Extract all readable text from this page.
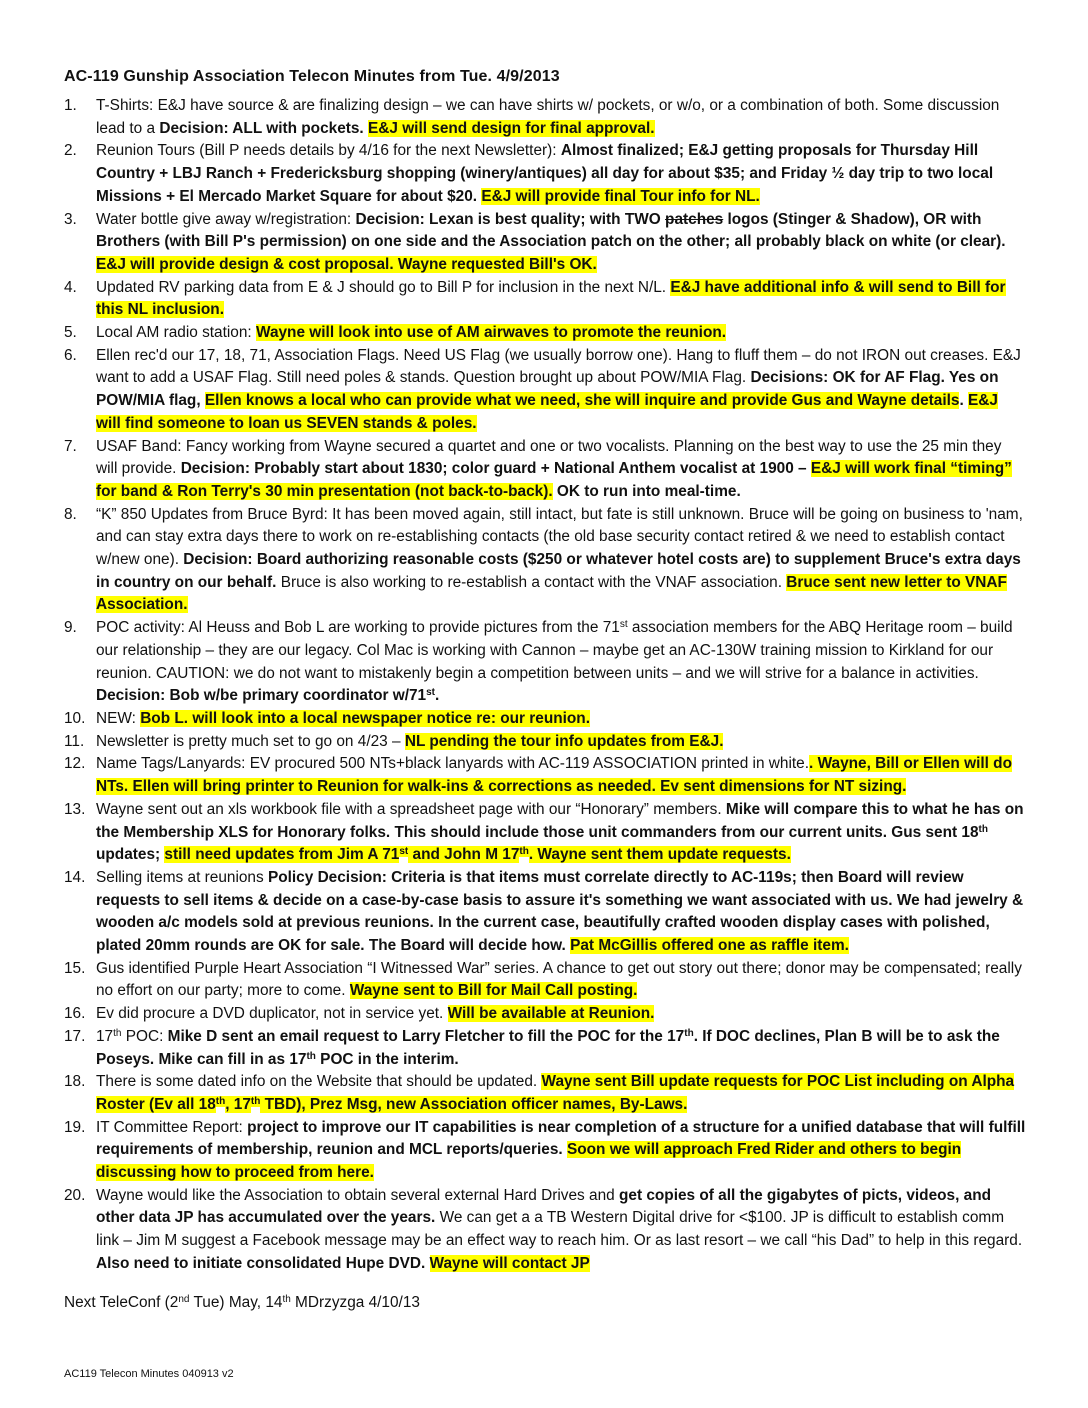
AC-119 Gunship Association Telecon Minutes from Tue. 4/9/2013
1.	T-Shirts: E&J have source & are finalizing design – we can have shirts w/ pockets, or w/o, or a combination of both. Some discussion lead to a Decision: ALL with pockets. E&J will send design for final approval.
2.	Reunion Tours (Bill P needs details by 4/16 for the next Newsletter): Almost finalized; E&J getting proposals for Thursday Hill Country + LBJ Ranch + Fredericksburg shopping (winery/antiques) all day for about $35; and Friday ½ day trip to two local Missions + El Mercado Market Square for about $20. E&J will provide final Tour info for NL.
3.	Water bottle give away w/registration: Decision: Lexan is best quality; with TWO patches logos (Stinger & Shadow), OR with Brothers (with Bill P's permission) on one side and the Association patch on the other; all probably black on white (or clear). E&J will provide design & cost proposal. Wayne requested Bill's OK.
4.	Updated RV parking data from E & J should go to Bill P for inclusion in the next N/L. E&J have additional info & will send to Bill for this NL inclusion.
5.	Local AM radio station: Wayne will look into use of AM airwaves to promote the reunion.
6.	Ellen rec'd our 17, 18, 71, Association Flags. Need US Flag (we usually borrow one). Hang to fluff them – do not IRON out creases. E&J want to add a USAF Flag. Still need poles & stands. Question brought up about POW/MIA Flag. Decisions: OK for AF Flag. Yes on POW/MIA flag, Ellen knows a local who can provide what we need, she will inquire and provide Gus and Wayne details. E&J will find someone to loan us SEVEN stands & poles.
7.	USAF Band: Fancy working from Wayne secured a quartet and one or two vocalists. Planning on the best way to use the 25 min they will provide. Decision: Probably start about 1830; color guard + National Anthem vocalist at 1900 – E&J will work final “timing” for band & Ron Terry's 30 min presentation (not back-to-back). OK to run into meal-time.
8.	“K” 850 Updates from Bruce Byrd: It has been moved again, still intact, but fate is still unknown. Bruce will be going on business to 'nam, and can stay extra days there to work on re-establishing contacts (the old base security contact retired & we need to establish contact w/new one). Decision: Board authorizing reasonable costs ($250 or whatever hotel costs are) to supplement Bruce's extra days in country on our behalf. Bruce is also working to re-establish a contact with the VNAF association. Bruce sent new letter to VNAF Association.
9.	POC activity: Al Heuss and Bob L are working to provide pictures from the 71st association members for the ABQ Heritage room – build our relationship – they are our legacy. Col Mac is working with Cannon – maybe get an AC-130W training mission to Kirkland for our reunion. CAUTION: we do not want to mistakenly begin a competition between units – and we will strive for a balance in activities. Decision: Bob w/be primary coordinator w/71st.
10. NEW: Bob L. will look into a local newspaper notice re: our reunion.
11. Newsletter is pretty much set to go on 4/23 – NL pending the tour info updates from E&J.
12. Name Tags/Lanyards: EV procured 500 NTs+black lanyards with AC-119 ASSOCIATION printed in white.. Wayne, Bill or Ellen will do NTs. Ellen will bring printer to Reunion for walk-ins & corrections as needed. Ev sent dimensions for NT sizing.
13. Wayne sent out an xls workbook file with a spreadsheet page with our “Honorary” members. Mike will compare this to what he has on the Membership XLS for Honorary folks. This should include those unit commanders from our current units. Gus sent 18th updates; still need updates from Jim A 71st and John M 17th. Wayne sent them update requests.
14. Selling items at reunions Policy Decision: Criteria is that items must correlate directly to AC-119s; then Board will review requests to sell items & decide on a case-by-case basis to assure it's something we want associated with us. We had jewelry & wooden a/c models sold at previous reunions. In the current case, beautifully crafted wooden display cases with polished, plated 20mm rounds are OK for sale. The Board will decide how. Pat McGillis offered one as raffle item.
15. Gus identified Purple Heart Association “I Witnessed War” series. A chance to get out story out there; donor may be compensated; really no effort on our party; more to come. Wayne sent to Bill for Mail Call posting.
16. Ev did procure a DVD duplicator, not in service yet. Will be available at Reunion.
17. 17th POC: Mike D sent an email request to Larry Fletcher to fill the POC for the 17th. If DOC declines, Plan B will be to ask the Poseys. Mike can fill in as 17th POC in the interim.
18. There is some dated info on the Website that should be updated. Wayne sent Bill update requests for POC List including on Alpha Roster (Ev all 18th, 17th TBD), Prez Msg, new Association officer names, By-Laws.
19. IT Committee Report: project to improve our IT capabilities is near completion of a structure for a unified database that will fulfill requirements of membership, reunion and MCL reports/queries. Soon we will approach Fred Rider and others to begin discussing how to proceed from here.
20. Wayne would like the Association to obtain several external Hard Drives and get copies of all the gigabytes of picts, videos, and other data JP has accumulated over the years. We can get a a TB Western Digital drive for <$100. JP is difficult to establish comm link – Jim M suggest a Facebook message may be an effect way to reach him. Or as last resort – we call “his Dad” to help in this regard. Also need to initiate consolidated Hupe DVD. Wayne will contact JP
Next TeleConf (2nd Tue) May, 14th MDrzyzga 4/10/13
AC119 Telecon Minutes 040913 v2
